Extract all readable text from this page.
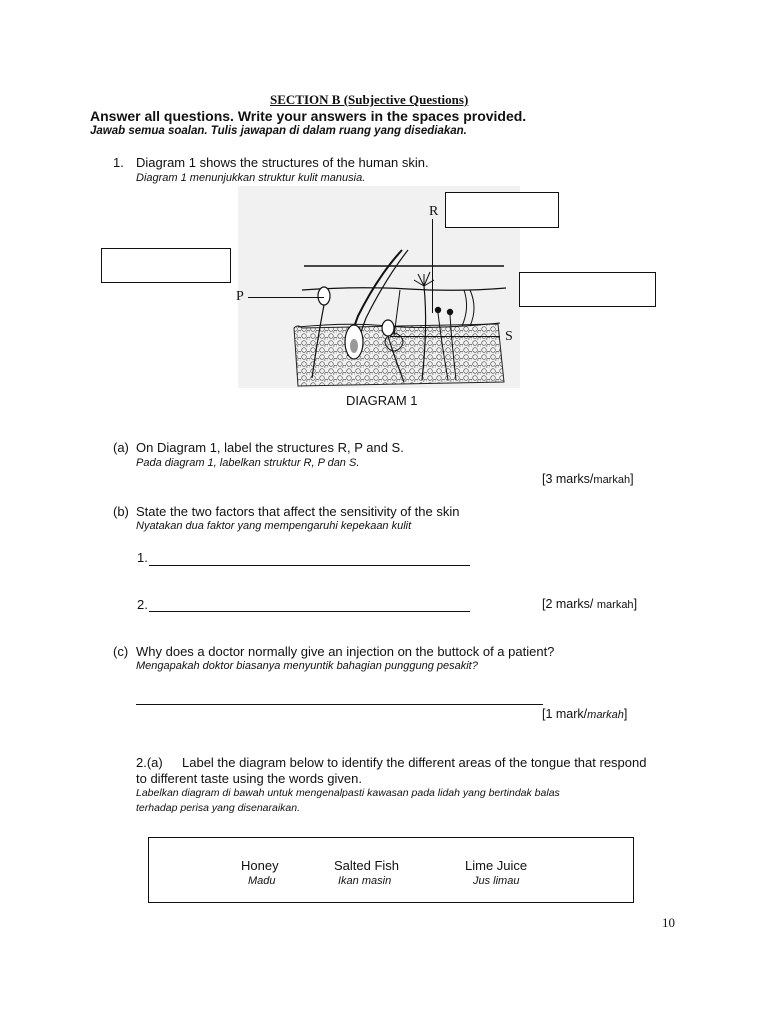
SECTION B (Subjective Questions)
Answer all questions. Write your answers in the spaces provided.
Jawab semua soalan. Tulis jawapan di dalam ruang yang disediakan.
1. Diagram 1 shows the structures of the human skin.
Diagram 1 menunjukkan struktur kulit manusia.
R
P
S
DIAGRAM 1
(a) On Diagram 1, label the structures R, P and S.
Pada diagram 1, labelkan struktur R, P dan S.
[3 marks/markah]
(b) State the two factors that affect the sensitivity of the skin
Nyatakan dua faktor yang mempengaruhi kepekaan kulit
1.
2.	[2 marks/ markah]
(c) Why does a doctor normally give an injection on the buttock of a patient?
Mengapakah doktor biasanya menyuntik bahagian punggung pesakit?
[1 mark/markah]
2.(a) Label the diagram below to identify the different areas of the tongue that respond
to different taste using the words given.
Labelkan diagram di bawah untuk mengenalpasti kawasan pada lidah yang bertindak balas
terhadap perisa yang disenaraikan.
Honey
Madu
Salted Fish
Ikan masin
Lime Juice
Jus limau
10
